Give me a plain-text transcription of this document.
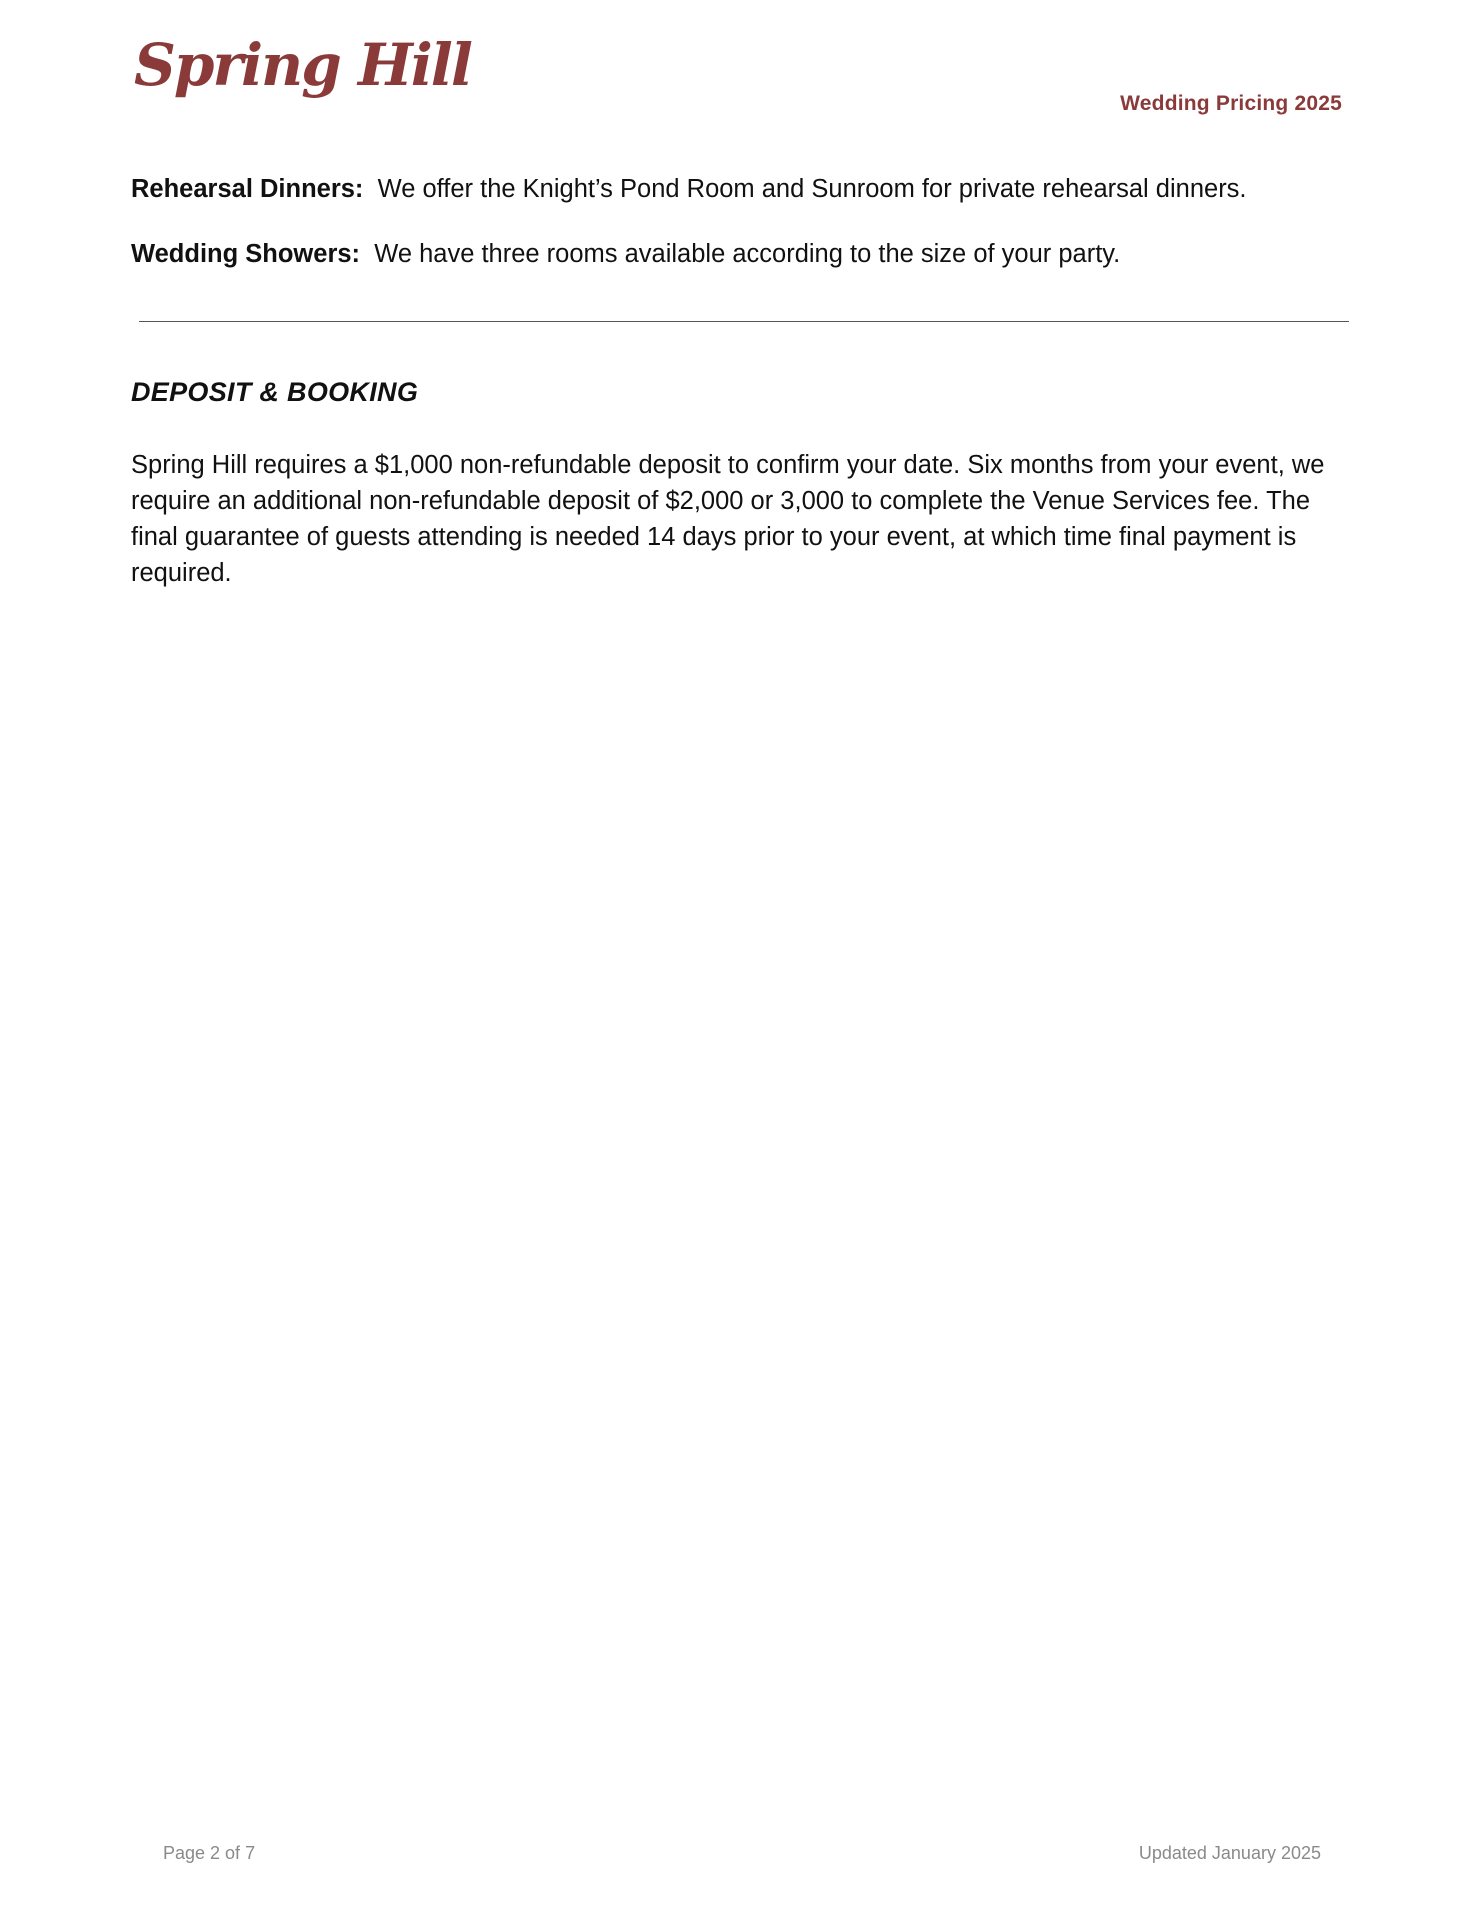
Spring Hill
Wedding Pricing 2025
Rehearsal Dinners: We offer the Knight’s Pond Room and Sunroom for private rehearsal dinners.
Wedding Showers: We have three rooms available according to the size of your party.
DEPOSIT & BOOKING
Spring Hill requires a $1,000 non-refundable deposit to confirm your date. Six months from your event, we require an additional non-refundable deposit of $2,000 or 3,000 to complete the Venue Services fee. The final guarantee of guests attending is needed 14 days prior to your event, at which time final payment is required.
Page 2 of 7	Updated January 2025
